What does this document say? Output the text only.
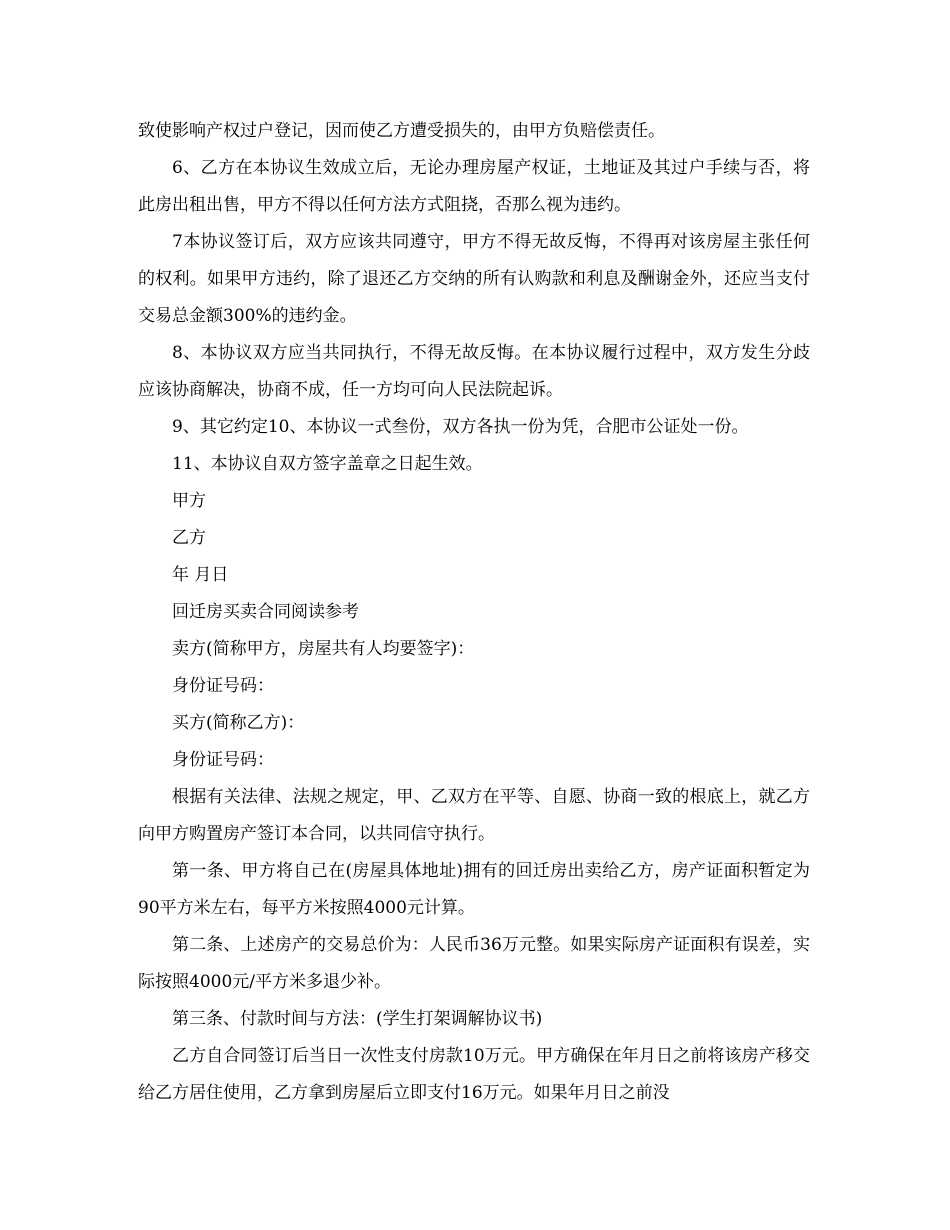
致使影响产权过户登记，因而使乙方遭受损失的，由甲方负赔偿责任。

6、乙方在本协议生效成立后，无论办理房屋产权证，土地证及其过户手续与否，将此房出租出售，甲方不得以任何方法方式阻挠，否那么视为违约。

7本协议签订后，双方应该共同遵守，甲方不得无故反悔，不得再对该房屋主张任何的权利。如果甲方违约，除了退还乙方交纳的所有认购款和利息及酬谢金外，还应当支付交易总金额300%的违约金。

8、本协议双方应当共同执行，不得无故反悔。在本协议履行过程中，双方发生分歧应该协商解决，协商不成，任一方均可向人民法院起诉。

9、其它约定10、本协议一式叁份，双方各执一份为凭，合肥市公证处一份。

11、本协议自双方签字盖章之日起生效。

甲方

乙方

年 月日

回迁房买卖合同阅读参考

卖方(简称甲方，房屋共有人均要签字)：

身份证号码：

买方(简称乙方)：

身份证号码：

根据有关法律、法规之规定，甲、乙双方在平等、自愿、协商一致的根底上，就乙方向甲方购置房产签订本合同，以共同信守执行。

第一条、甲方将自己在(房屋具体地址)拥有的回迁房出卖给乙方，房产证面积暂定为90平方米左右，每平方米按照4000元计算。

第二条、上述房产的交易总价为：人民币36万元整。如果实际房产证面积有误差，实际按照4000元/平方米多退少补。

第三条、付款时间与方法：(学生打架调解协议书)

乙方自合同签订后当日一次性支付房款10万元。甲方确保在年月日之前将该房产移交给乙方居住使用，乙方拿到房屋后立即支付16万元。如果年月日之前没
